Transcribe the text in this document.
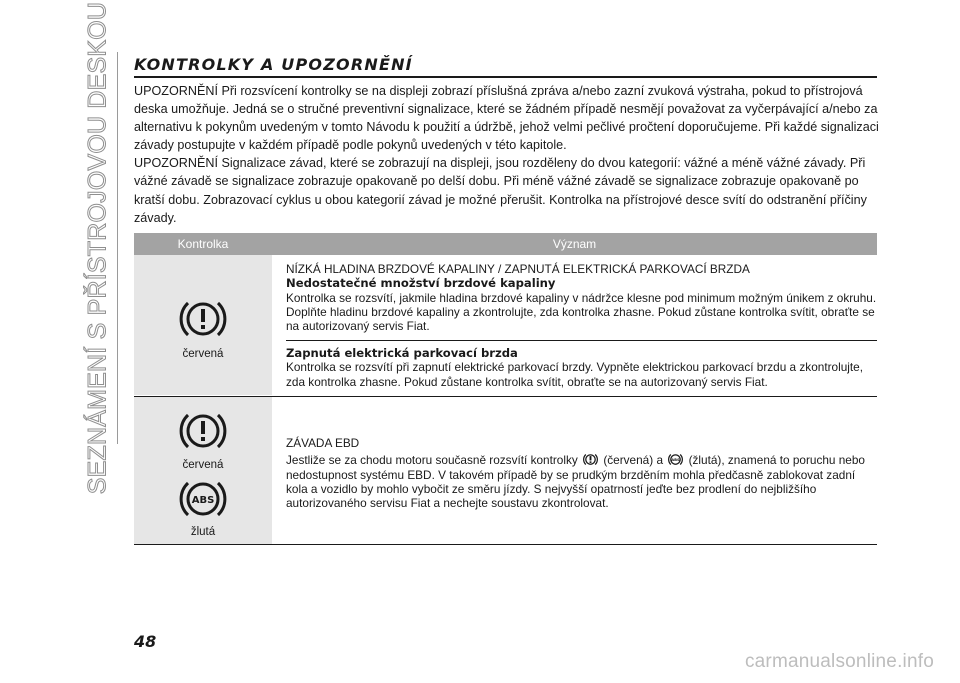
SEZNÁMENÍ S PŘÍSTROJOVOU DESKOU KONTROLKY A UPOZORNĚNÍ

UPOZORNĚNÍ Při rozsvícení kontrolky se na displeji zobrazí příslušná zpráva a/nebo zazní zvuková výstraha, pokud to přístrojová deska umožňuje. Jedná se o stručné preventivní signalizace, které se žádném případě nesmějí považovat za vyčerpávající a/nebo za alternativu k pokynům uvedeným v tomto Návodu k použití a údržbě, jehož velmi pečlivé pročtení doporučujeme. Při každé signalizaci závady postupujte v každém případě podle pokynů uvedených v této kapitole.

UPOZORNĚNÍ Signalizace závad, které se zobrazují na displeji, jsou rozděleny do dvou kategorií: vážné a méně vážné závady. Při vážné závadě se signalizace zobrazuje opakovaně po delší dobu. Při méně vážné závadě se signalizace zobrazuje opakovaně po kratší dobu. Zobrazovací cyklus u obou kategorií závad je možné přerušit. Kontrolka na přístrojové desce svítí do odstranění příčiny závady.

Kontrolka	Význam
červená
NÍZKÁ HLADINA BRZDOVÉ KAPALINY / ZAPNUTÁ ELEKTRICKÁ PARKOVACÍ BRZDA
Nedostatečné množství brzdové kapaliny
Kontrolka se rozsvítí, jakmile hladina brzdové kapaliny v nádržce klesne pod minimum možným únikem z okruhu. Doplňte hladinu brzdové kapaliny a zkontrolujte, zda kontrolka zhasne. Pokud zůstane kontrolka svítit, obraťte se na autorizovaný servis Fiat.
Zapnutá elektrická parkovací brzda
Kontrolka se rozsvítí při zapnutí elektrické parkovací brzdy. Vypněte elektrickou parkovací brzdu a zkontrolujte, zda kontrolka zhasne. Pokud zůstane kontrolka svítit, obraťte se na autorizovaný servis Fiat.
červená
ABS
žlutá
ZÁVADA EBD
Jestliže se za chodu motoru současně rozsvítí kontrolky (červená) a ABS (žlutá), znamená to poruchu nebo nedostupnost systému EBD. V takovém případě by se prudkým brzděním mohla předčasně zablokovat zadní kola a vozidlo by mohlo vybočit ze směru jízdy. S nejvyšší opatrností jeďte bez prodlení do nejbližšího autorizovaného servisu Fiat a nechejte soustavu zkontrolovat.
48
carmanualsonline.info
